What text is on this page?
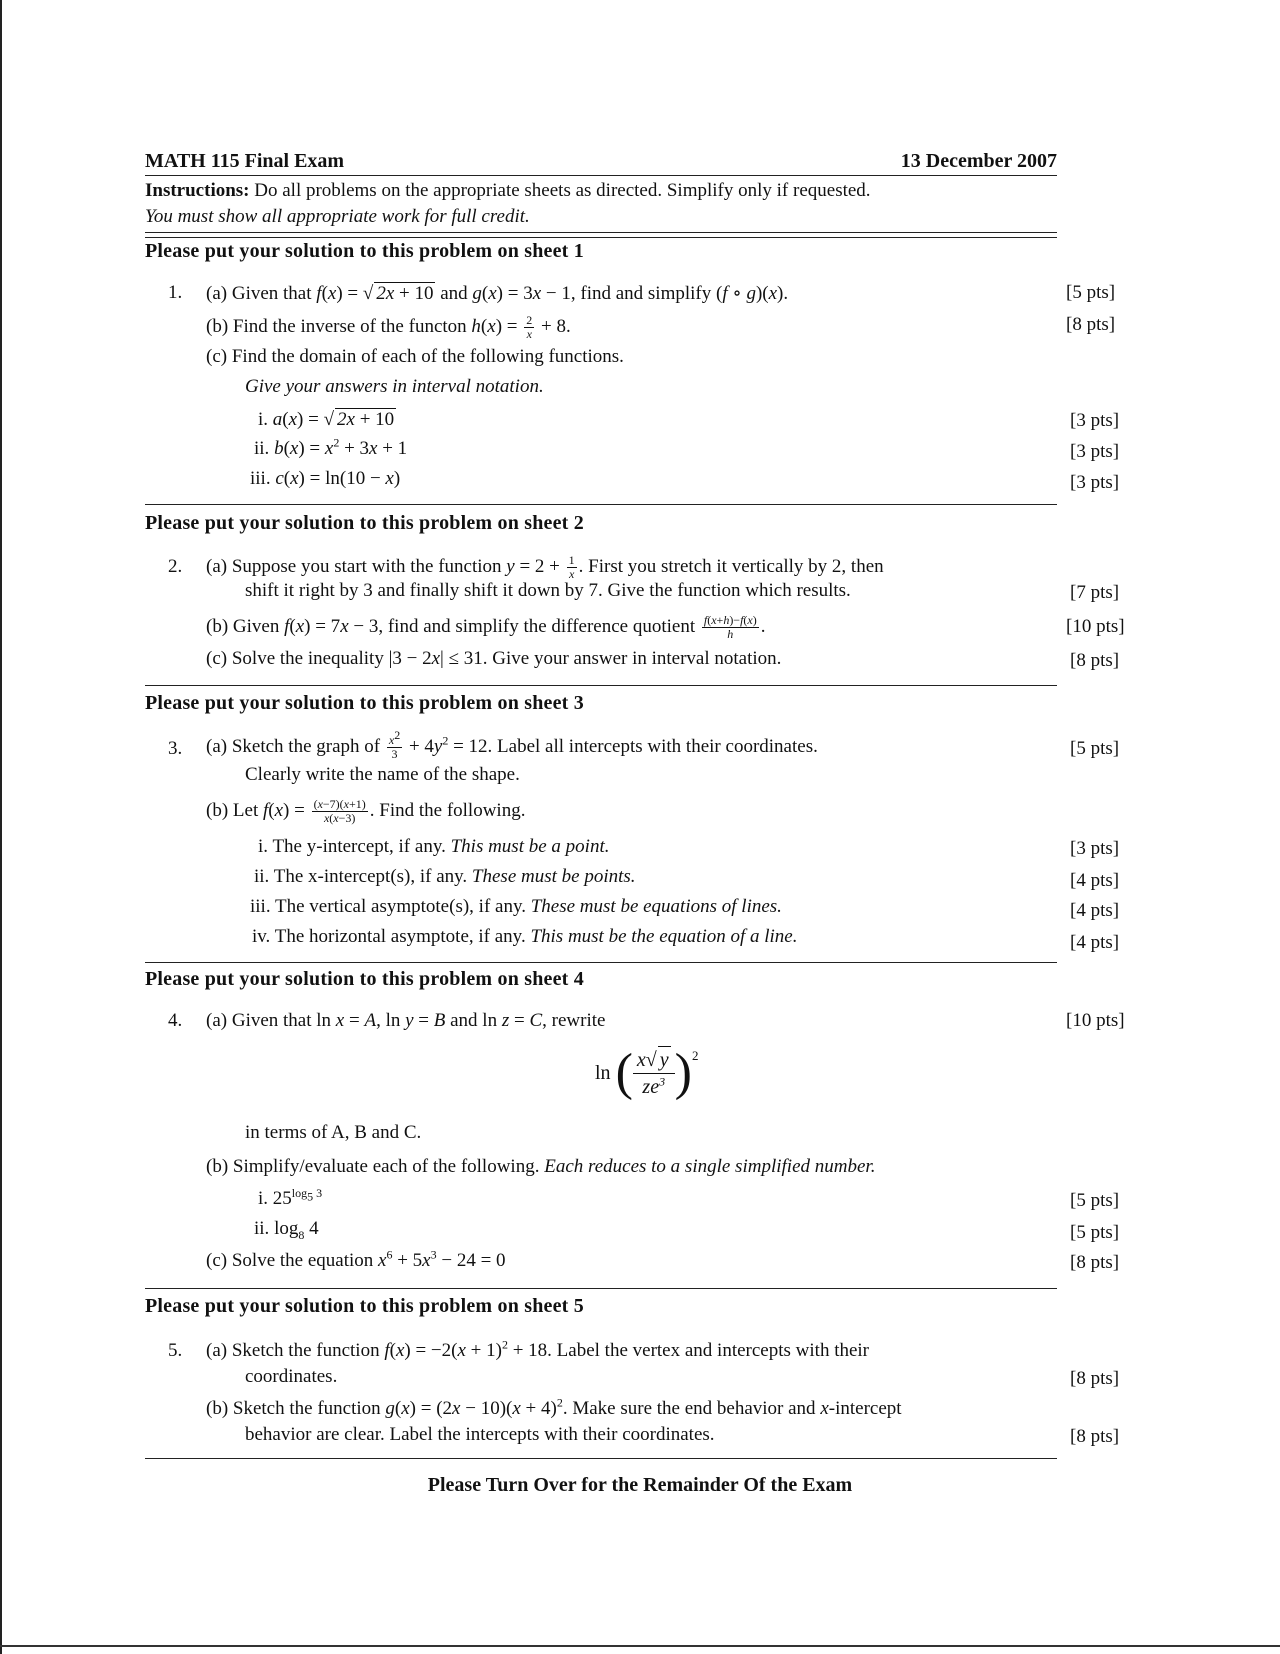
MATH 115 Final Exam	13 December 2007
Instructions: Do all problems on the appropriate sheets as directed. Simplify only if requested.
You must show all appropriate work for full credit.
Please put your solution to this problem on sheet 1
1. (a) Given that f(x) = √ 2x + 10 and g(x) = 3x − 1, find and simplify (f ∘ g)(x).	[5 pts]
(b) Find the inverse of the functon $h(x) = \frac{2}{x} + 8$.	[8 pts]
(c) Find the domain of each of the following functions.
Give your answers in interval notation.
i. a(x) = √ 2x + 10	[3 pts]
ii. $b(x) = x^2 + 3x + 1$	[3 pts]
iii. c(x) = ln(10 − x)	[3 pts]
Please put your solution to this problem on sheet 2
2. (a) Suppose you start with the function $y = 2 + \frac{1}{x}$ . First you stretch it vertically by 2, then
shift it right by 3 and finally shift it down by 7. Give the function which results.	[7 pts]
(b) Given f(x) = 7x − 3, find and simplify the difference quotient $\frac{f(x+h)-f(x)}{h}$ .	[10 pts]
(c) Solve the inequality |3 − 2x| ≤ 31. Give your answer in interval notation.	[8 pts]
Please put your solution to this problem on sheet 3
3. (a) Sketch the graph of $\frac{x^2}{3} + 4y^2 = 12$. Label all intercepts with their coordinates.
Clearly write the name of the shape.
[5 pts]
(b) Let $f(x) = \frac{(x-7)(x+1)}{x(x-3)}$ . Find the following.
i. The y-intercept, if any. This must be a point.	[3 pts]
ii. The x-intercept(s), if any. These must be points.	[4 pts]
iii. The vertical asymptote(s), if any. These must be equations of lines.	[4 pts]
iv. The horizontal asymptote, if any. This must be the equation of a line.	[4 pts]
Please put your solution to this problem on sheet 4
4. (a) Given that ln x = A, ln y = B and ln z = C, rewrite	[10 pts]
ln ( $\frac{x√ y}{ze^3}$ ) 2
in terms of A, B and C.
(b) Simplify/evaluate each of the following. Each reduces to a single simplified number.
i. $25^{log_5 3}$	[5 pts]
ii. $\log_8 4$	[5 pts]
(c) Solve the equation $x^6 + 5x^3 - 24 = 0$	[8 pts]
Please put your solution to this problem on sheet 5
5. (a) Sketch the function $f(x) = -2(x + 1)^2 + 18$. Label the vertex and intercepts with their
coordinates.	[8 pts]
(b) Sketch the function $g(x) = (2x - 10)(x + 4)^2$. Make sure the end behavior and x-intercept
behavior are clear. Label the intercepts with their coordinates.	[8 pts]
Please Turn Over for the Remainder Of the Exam
